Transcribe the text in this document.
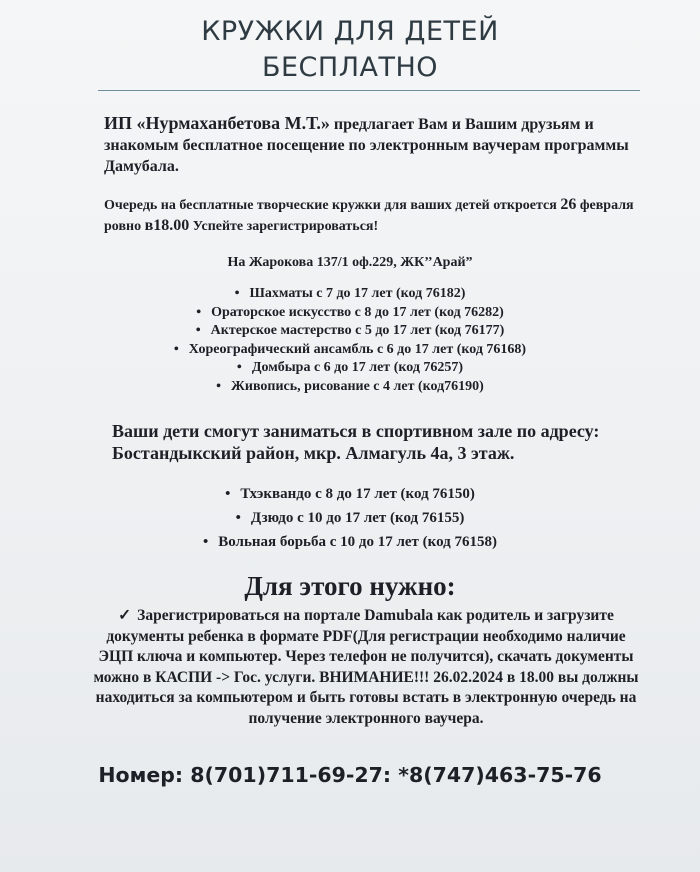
КРУЖКИ ДЛЯ ДЕТЕЙ
БЕСПЛАТНО
ИП «Нурмаханбетова М.Т.» предлагает Вам и Вашим друзьям и знакомым бесплатное посещение по электронным ваучерам программы Дамубала.
Очередь на бесплатные творческие кружки для ваших детей откроется 26 февраля ровно в18.00 Успейте зарегистрироваться!
На Жарокова 137/1 оф.229, ЖК’’Арай”
• Шахматы с 7 до 17 лет (код 76182)
• Ораторское искусство с 8 до 17 лет (код 76282)
• Актерское мастерство с 5 до 17 лет (код 76177)
• Хореографический ансамбль с 6 до 17 лет (код 76168)
• Домбыра с 6 до 17 лет (код 76257)
• Живопись, рисование с 4 лет (код76190)
Ваши дети смогут заниматься в спортивном зале по адресу: Бостандыкский район, мкр. Алмагуль 4а, 3 этаж.
• Тхэквандо с 8 до 17 лет (код 76150)
• Дзюдо с 10 до 17 лет (код 76155)
• Вольная борьба с 10 до 17 лет (код 76158)
Для этого нужно:
✓ Зарегистрироваться на портале Damubala как родитель и загрузите документы ребенка в формате PDF(Для регистрации необходимо наличие ЭЦП ключа и компьютер. Через телефон не получится), скачать документы можно в КАСПИ -> Гос. услуги. ВНИМАНИЕ!!! 26.02.2024 в 18.00 вы должны находиться за компьютером и быть готовы встать в электронную очередь на получение электронного ваучера.
Номер: 8(701)711-69-27: *8(747)463-75-76
